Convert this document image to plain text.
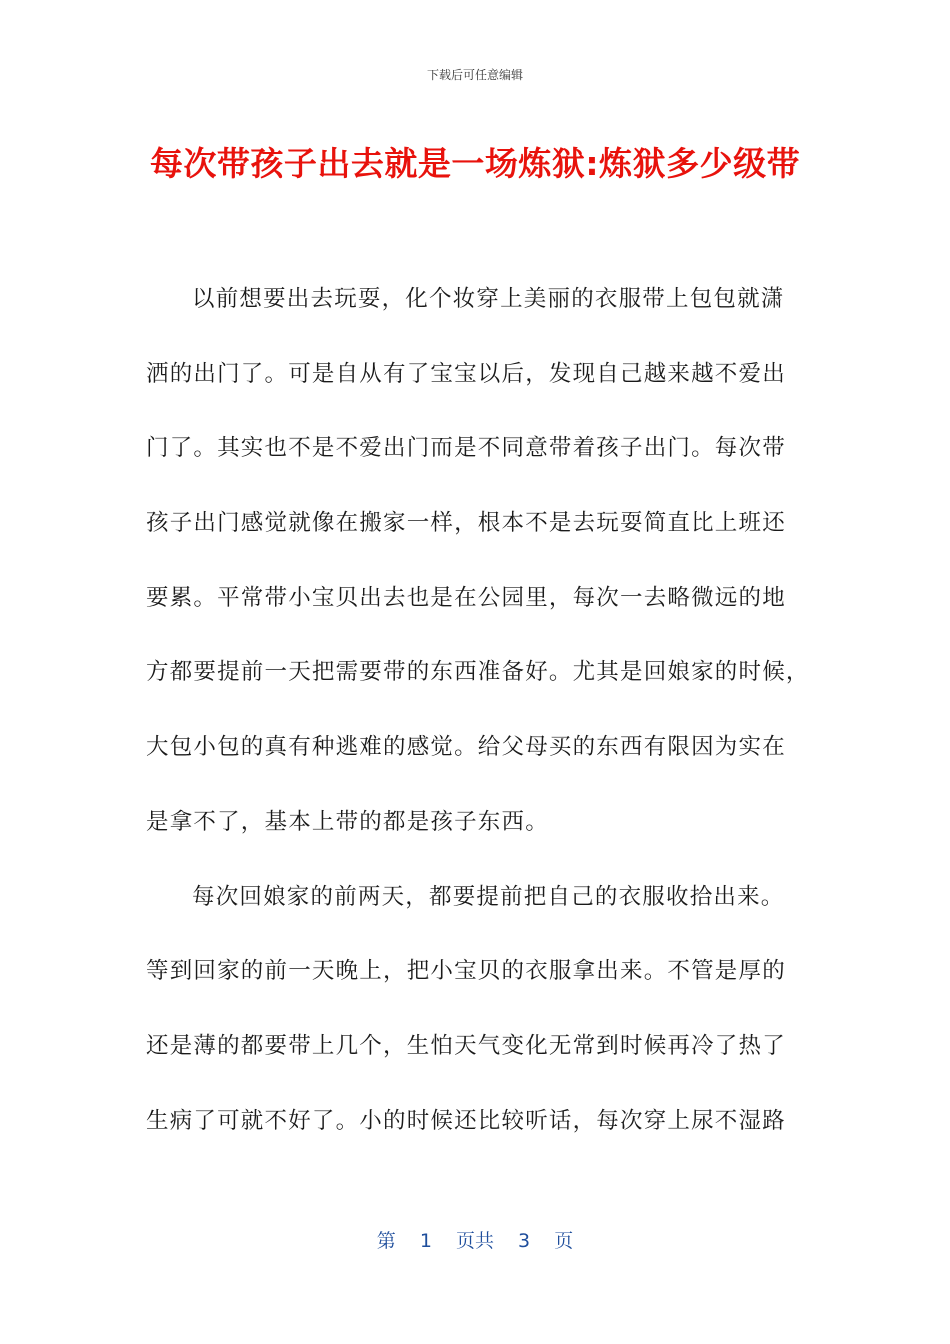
下载后可任意编辑
每次带孩子出去就是一场炼狱:炼狱多少级带
以前想要出去玩耍，化个妆穿上美丽的衣服带上包包就潇
洒的出门了。可是自从有了宝宝以后，发现自己越来越不爱出
门了。其实也不是不爱出门而是不同意带着孩子出门。每次带
孩子出门感觉就像在搬家一样，根本不是去玩耍简直比上班还
要累。平常带小宝贝出去也是在公园里，每次一去略微远的地
方都要提前一天把需要带的东西准备好。尤其是回娘家的时候，
大包小包的真有种逃难的感觉。给父母买的东西有限因为实在
是拿不了，基本上带的都是孩子东西。
每次回娘家的前两天，都要提前把自己的衣服收拾出来。
等到回家的前一天晚上，把小宝贝的衣服拿出来。不管是厚的
还是薄的都要带上几个，生怕天气变化无常到时候再冷了热了
生病了可就不好了。小的时候还比较听话，每次穿上尿不湿路
第 1 页共 3 页
